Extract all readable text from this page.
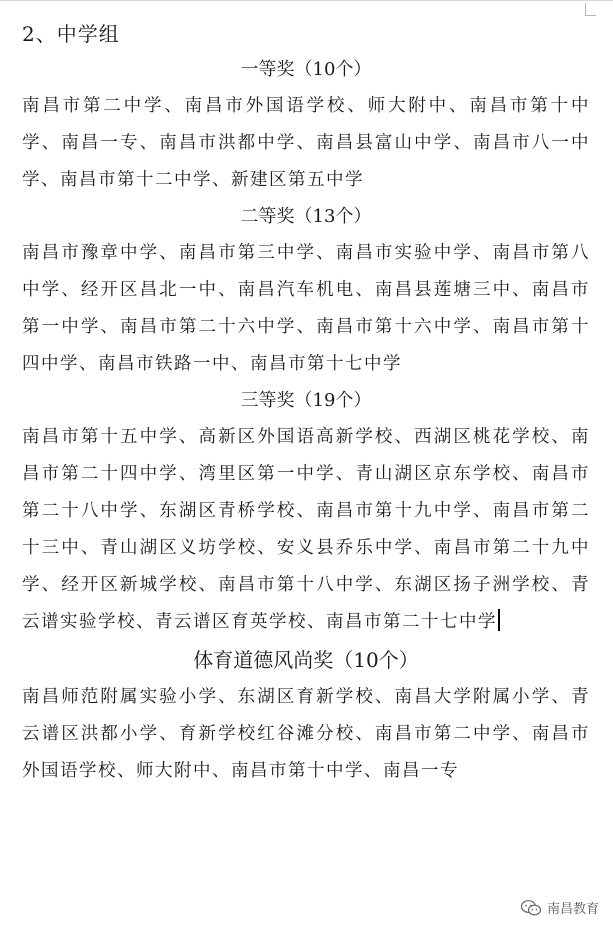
2、中学组
一等奖（10个）

南昌市第二中学、南昌市外国语学校、师大附中、南昌市第十中学、南昌一专、南昌市洪都中学、南昌县富山中学、南昌市八一中学、南昌市第十二中学、新建区第五中学

二等奖（13个）

南昌市豫章中学、南昌市第三中学、南昌市实验中学、南昌市第八中学、经开区昌北一中、南昌汽车机电、南昌县莲塘三中、南昌市第一中学、南昌市第二十六中学、南昌市第十六中学、南昌市第十四中学、南昌市铁路一中、南昌市第十七中学

三等奖（19个）

南昌市第十五中学、高新区外国语高新学校、西湖区桃花学校、南昌市第二十四中学、湾里区第一中学、青山湖区京东学校、南昌市第二十八中学、东湖区青桥学校、南昌市第十九中学、南昌市第二十三中、青山湖区义坊学校、安义县乔乐中学、南昌市第二十九中学、经开区新城学校、南昌市第十八中学、东湖区扬子洲学校、青云谱实验学校、青云谱区育英学校、南昌市第二十七中学

体育道德风尚奖（10个）

南昌师范附属实验小学、东湖区育新学校、南昌大学附属小学、青云谱区洪都小学、育新学校红谷滩分校、南昌市第二中学、南昌市外国语学校、师大附中、南昌市第十中学、南昌一专

南昌教育
